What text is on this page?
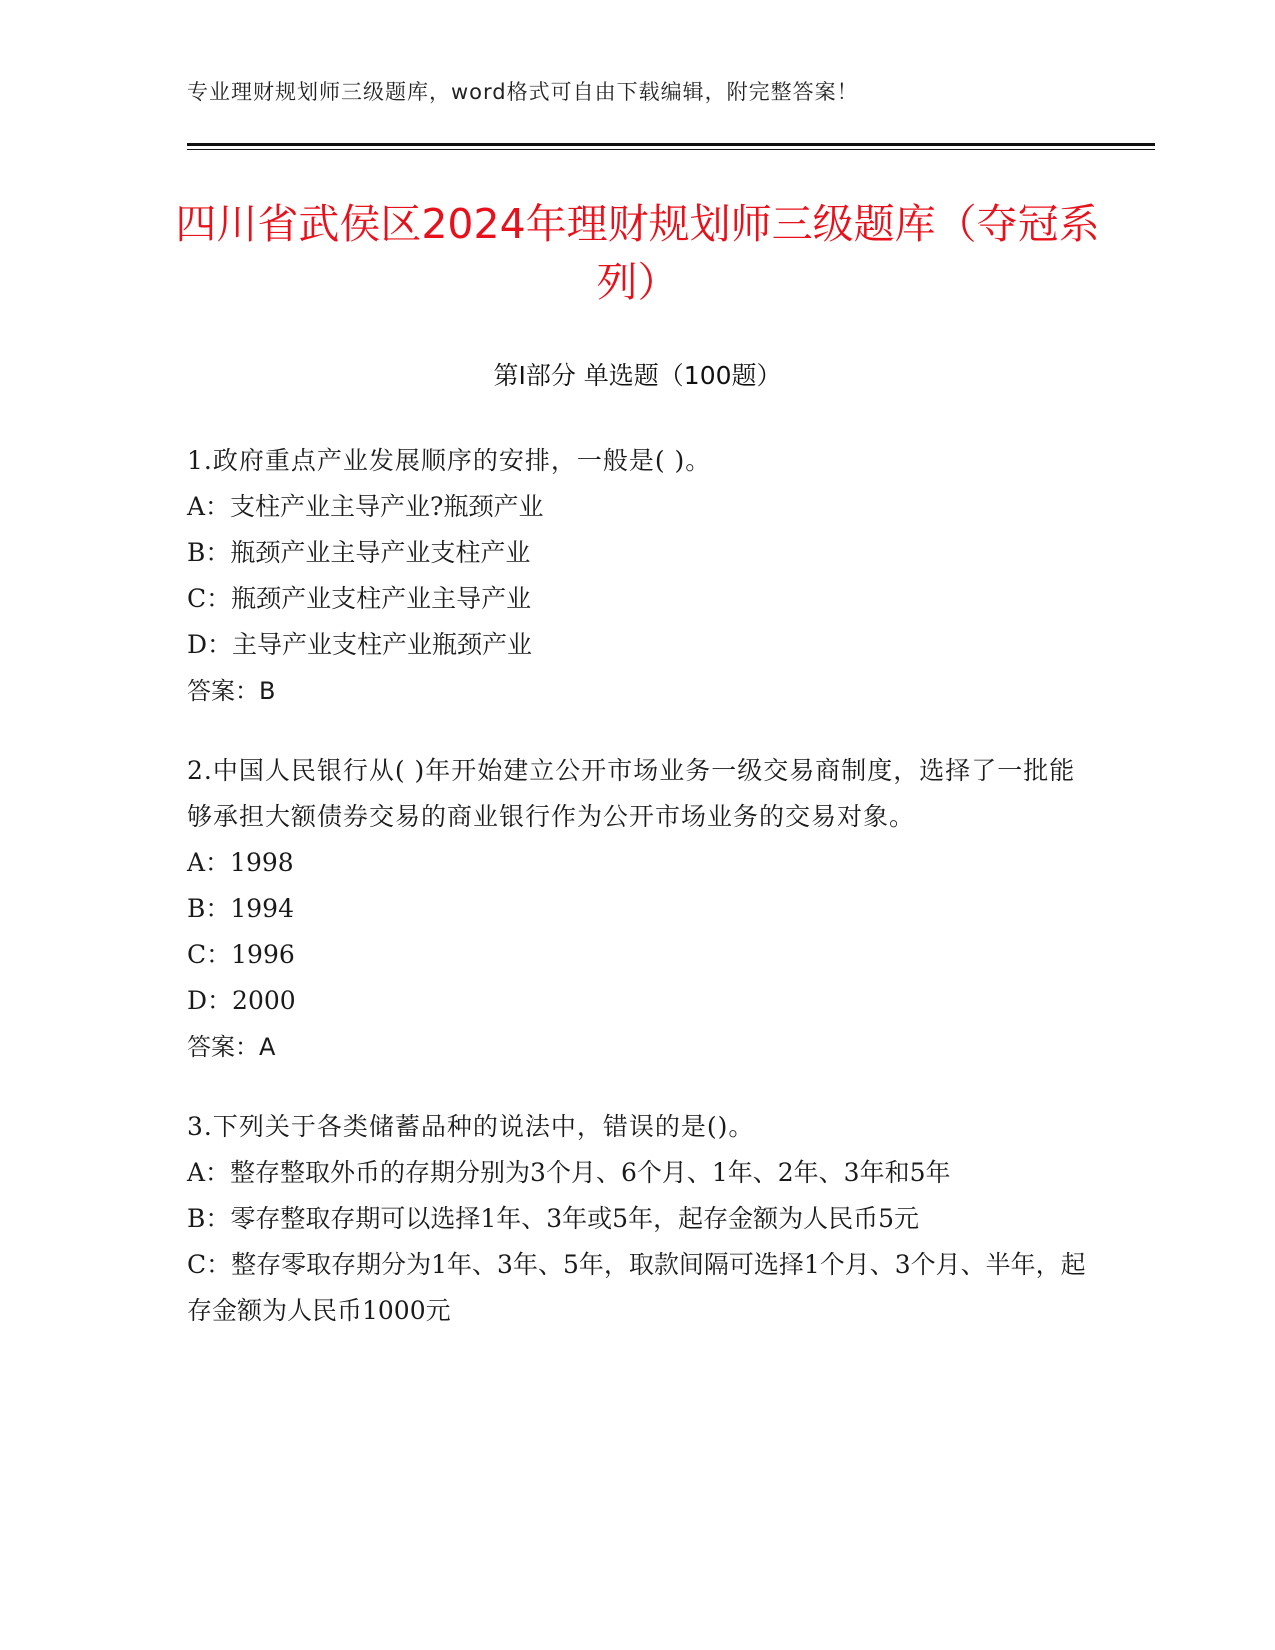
专业理财规划师三级题库，word格式可自由下载编辑，附完整答案！
四川省武侯区2024年理财规划师三级题库（夺冠系列）
第I部分 单选题（100题）
1.政府重点产业发展顺序的安排，一般是( )。
A：支柱产业主导产业?瓶颈产业
B：瓶颈产业主导产业支柱产业
C：瓶颈产业支柱产业主导产业
D：主导产业支柱产业瓶颈产业
答案：B
2.中国人民银行从( )年开始建立公开市场业务一级交易商制度，选择了一批能够承担大额债券交易的商业银行作为公开市场业务的交易对象。
A：1998
B：1994
C：1996
D：2000
答案：A
3.下列关于各类储蓄品种的说法中，错误的是()。
A：整存整取外币的存期分别为3个月、6个月、1年、2年、3年和5年
B：零存整取存期可以选择1年、3年或5年，起存金额为人民币5元
C：整存零取存期分为1年、3年、5年，取款间隔可选择1个月、3个月、半年，起存金额为人民币1000元
